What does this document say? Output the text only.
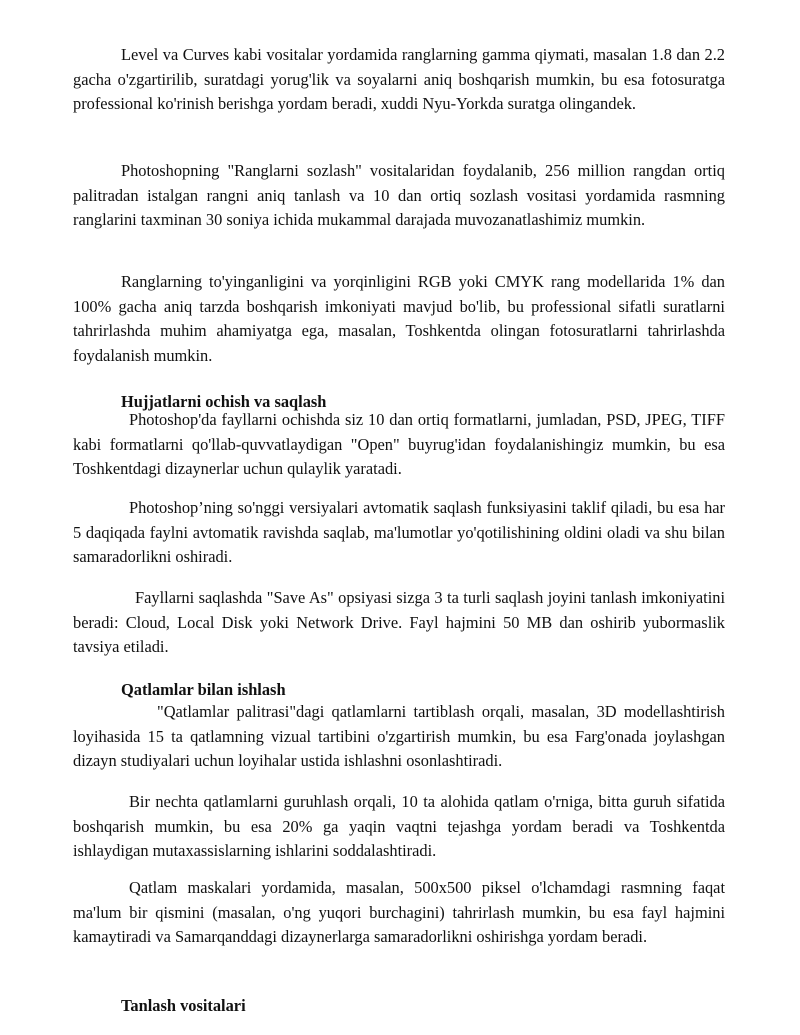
Level va Curves kabi vositalar yordamida ranglarning gamma qiymati, masalan 1.8 dan 2.2 gacha o'zgartirilib, suratdagi yorug'lik va soyalarni aniq boshqarish mumkin, bu esa fotosuratga professional ko'rinish berishga yordam beradi, xuddi Nyu-Yorkda suratga olingandek.

Photoshopning "Ranglarni sozlash" vositalaridan foydalanib, 256 million rangdan ortiq palitradan istalgan rangni aniq tanlash va 10 dan ortiq sozlash vositasi yordamida rasmning ranglarini taxminan 30 soniya ichida mukammal darajada muvozanatlashimiz mumkin.

Ranglarning to'yinganligini va yorqinligini RGB yoki CMYK rang modellarida 1% dan 100% gacha aniq tarzda boshqarish imkoniyati mavjud bo'lib, bu professional sifatli suratlarni tahrirlashda muhim ahamiyatga ega, masalan, Toshkentda olingan fotosuratlarni tahrirlashda foydalanish mumkin.

Hujjatlarni ochish va saqlash

Photoshop'da fayllarni ochishda siz 10 dan ortiq formatlarni, jumladan, PSD, JPEG, TIFF kabi formatlarni qo'llab-quvvatlaydigan "Open" buyrug'idan foydalanishingiz mumkin, bu esa Toshkentdagi dizaynerlar uchun qulaylik yaratadi.

Photoshop’ning so'nggi versiyalari avtomatik saqlash funksiyasini taklif qiladi, bu esa har 5 daqiqada faylni avtomatik ravishda saqlab, ma'lumotlar yo'qotilishining oldini oladi va shu bilan samaradorlikni oshiradi.

Fayllarni saqlashda "Save As" opsiyasi sizga 3 ta turli saqlash joyini tanlash imkoniyatini beradi: Cloud, Local Disk yoki Network Drive. Fayl hajmini 50 MB dan oshirib yubormaslik tavsiya etiladi.

Qatlamlar bilan ishlash

"Qatlamlar palitrasi"dagi qatlamlarni tartiblash orqali, masalan, 3D modellashtirish loyihasida 15 ta qatlamning vizual tartibini o'zgartirish mumkin, bu esa Farg'onada joylashgan dizayn studiyalari uchun loyihalar ustida ishlashni osonlashtiradi.

Bir nechta qatlamlarni guruhlash orqali, 10 ta alohida qatlam o'rniga, bitta guruh sifatida boshqarish mumkin, bu esa 20% ga yaqin vaqtni tejashga yordam beradi va Toshkentda ishlaydigan mutaxassislarning ishlarini soddalashtiradi.

Qatlam maskalari yordamida, masalan, 500x500 piksel o'lchamdagi rasmning faqat ma'lum bir qismini (masalan, o'ng yuqori burchagini) tahrirlash mumkin, bu esa fayl hajmini kamaytiradi va Samarqanddagi dizaynerlarga samaradorlikni oshirishga yordam beradi.

Tanlash vositalari
